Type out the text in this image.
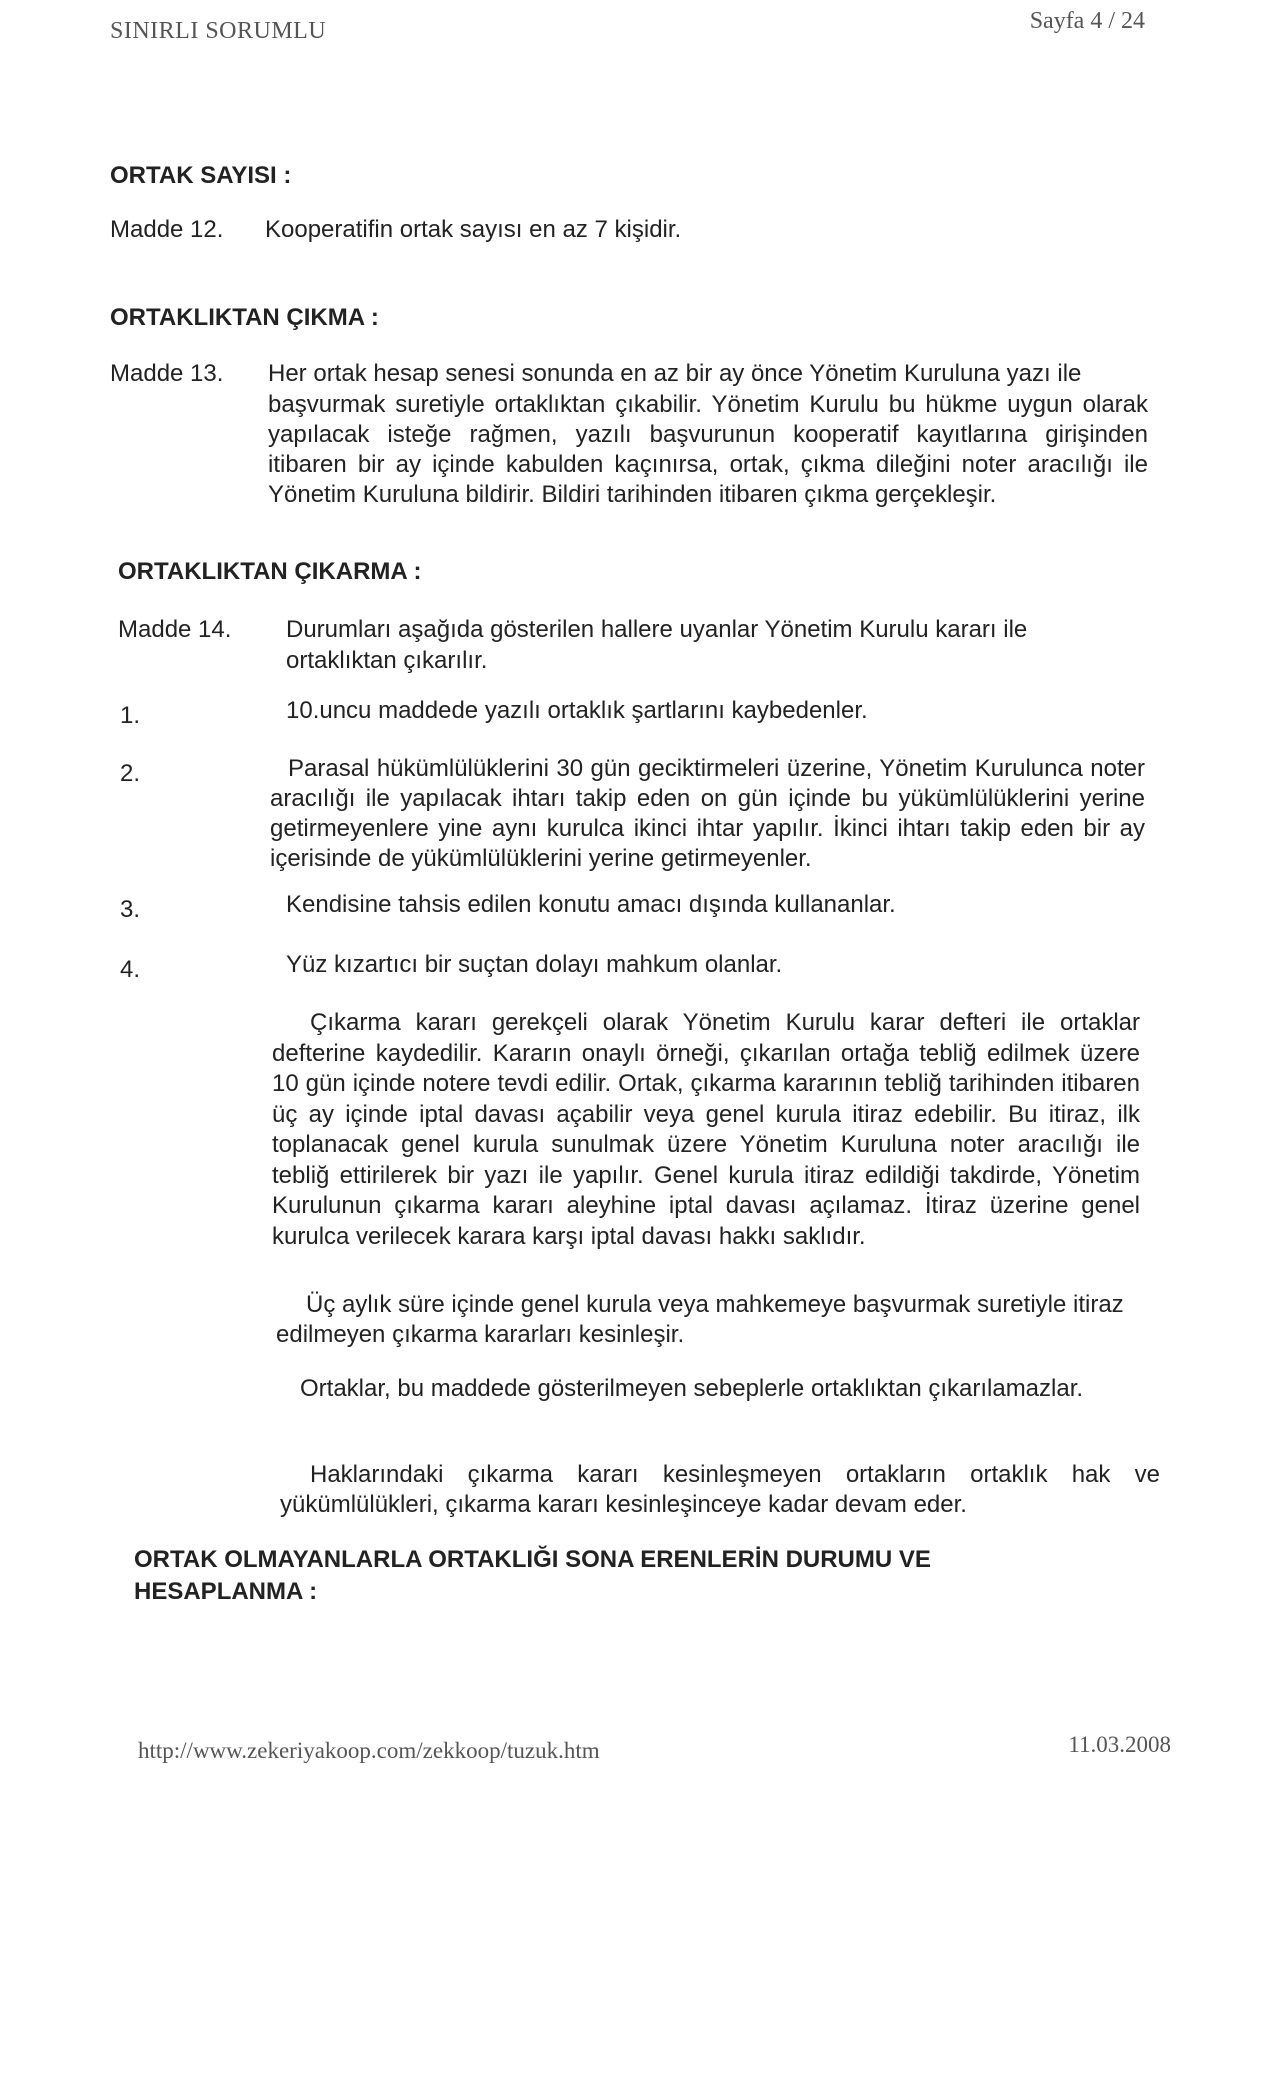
SINIRLI SORUMLU	Sayfa 4 / 24
ORTAK SAYISI :
Madde 12. Kooperatifin ortak sayısı en az 7 kişidir.
ORTAKLIKTAN ÇIKMA :
Madde 13. Her ortak hesap senesi sonunda en az bir ay önce Yönetim Kuruluna yazı ile
başvurmak suretiyle ortaklıktan çıkabilir. Yönetim Kurulu bu hükme uygun olarak yapılacak isteğe rağmen, yazılı başvurunun kooperatif kayıtlarına girişinden itibaren bir ay içinde kabulden kaçınırsa, ortak, çıkma dileğini noter aracılığı ile Yönetim Kuruluna bildirir. Bildiri tarihinden itibaren çıkma gerçekleşir.
ORTAKLIKTAN ÇIKARMA :
Madde 14. Durumları aşağıda gösterilen hallere uyanlar Yönetim Kurulu kararı ile
ortaklıktan çıkarılır.
1.	10.uncu maddede yazılı ortaklık şartlarını kaybedenler.
2.	Parasal hükümlülüklerini 30 gün geciktirmeleri üzerine, Yönetim Kurulunca noter aracılığı ile yapılacak ihtarı takip eden on gün içinde bu yükümlülüklerini yerine getirmeyenlere yine aynı kurulca ikinci ihtar yapılır. İkinci ihtarı takip eden bir ay içerisinde de yükümlülüklerini yerine getirmeyenler.
3.	Kendisine tahsis edilen konutu amacı dışında kullananlar.
4.	Yüz kızartıcı bir suçtan dolayı mahkum olanlar.
Çıkarma kararı gerekçeli olarak Yönetim Kurulu karar defteri ile ortaklar defterine kaydedilir. Kararın onaylı örneği, çıkarılan ortağa tebliğ edilmek üzere 10 gün içinde notere tevdi edilir. Ortak, çıkarma kararının tebliğ tarihinden itibaren üç ay içinde iptal davası açabilir veya genel kurula itiraz edebilir. Bu itiraz, ilk toplanacak genel kurula sunulmak üzere Yönetim Kuruluna noter aracılığı ile tebliğ ettirilerek bir yazı ile yapılır. Genel kurula itiraz edildiği takdirde, Yönetim Kurulunun çıkarma kararı aleyhine iptal davası açılamaz. İtiraz üzerine genel kurulca verilecek karara karşı iptal davası hakkı saklıdır.
Üç aylık süre içinde genel kurula veya mahkemeye başvurmak suretiyle itiraz edilmeyen çıkarma kararları kesinleşir.
Ortaklar, bu maddede gösterilmeyen sebeplerle ortaklıktan çıkarılamazlar.
Haklarındaki çıkarma kararı kesinleşmeyen ortakların ortaklık hak ve yükümlülükleri, çıkarma kararı kesinleşinceye kadar devam eder.
ORTAK OLMAYANLARLA ORTAKLIĞI SONA ERENLERİN DURUMU VE HESAPLANMA :
http://www.zekeriyakoop.com/zekkoop/tuzuk.htm	11.03.2008
